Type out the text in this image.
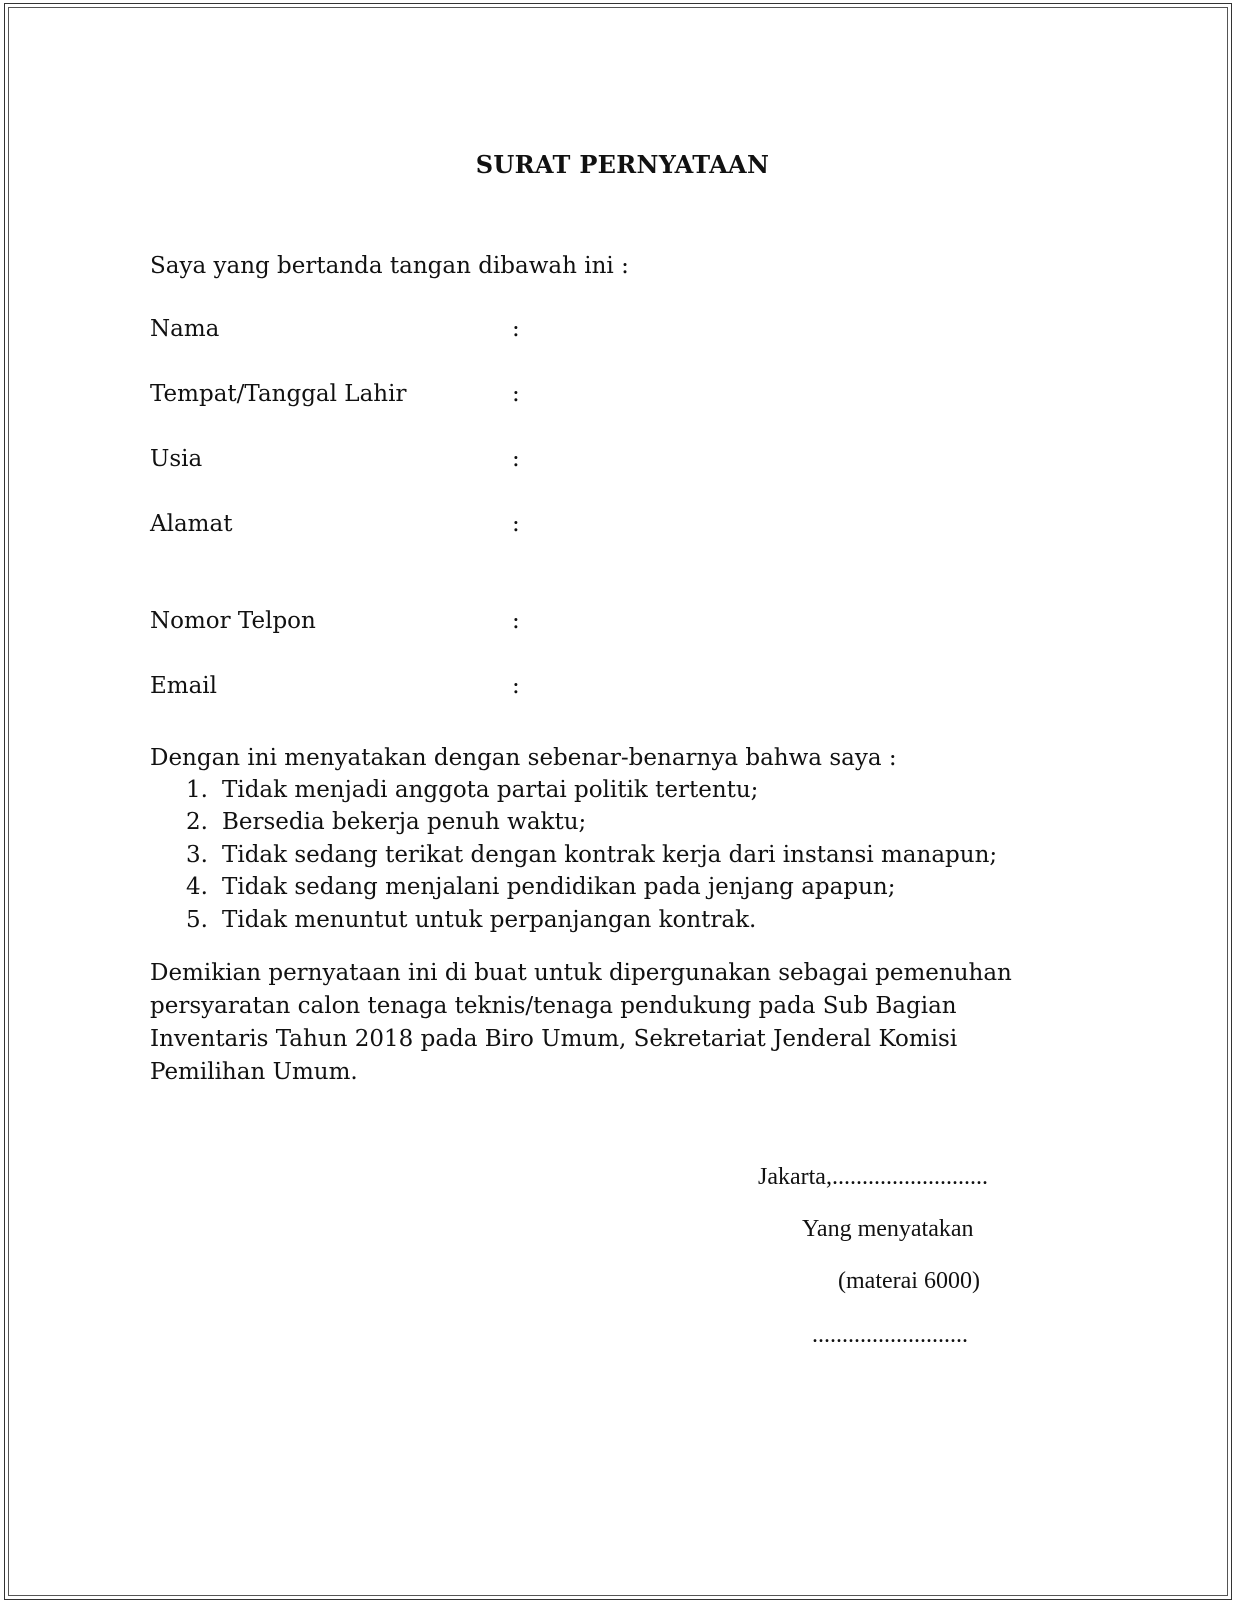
SURAT PERNYATAAN
Saya yang bertanda tangan dibawah ini :
Nama	:
Tempat/Tanggal Lahir	:
Usia	:
Alamat	:
Nomor Telpon	:
Email	:
Dengan ini menyatakan dengan sebenar-benarnya bahwa saya :
1. Tidak menjadi anggota partai politik tertentu;
2. Bersedia bekerja penuh waktu;
3. Tidak sedang terikat dengan kontrak kerja dari instansi manapun;
4. Tidak sedang menjalani pendidikan pada jenjang apapun;
5. Tidak menuntut untuk perpanjangan kontrak.
Demikian pernyataan ini di buat untuk dipergunakan sebagai pemenuhan
persyaratan calon tenaga teknis/tenaga pendukung pada Sub Bagian
Inventaris Tahun 2018 pada Biro Umum, Sekretariat Jenderal Komisi
Pemilihan Umum.
Jakarta,..........................
Yang menyatakan
(materai 6000)
..........................
